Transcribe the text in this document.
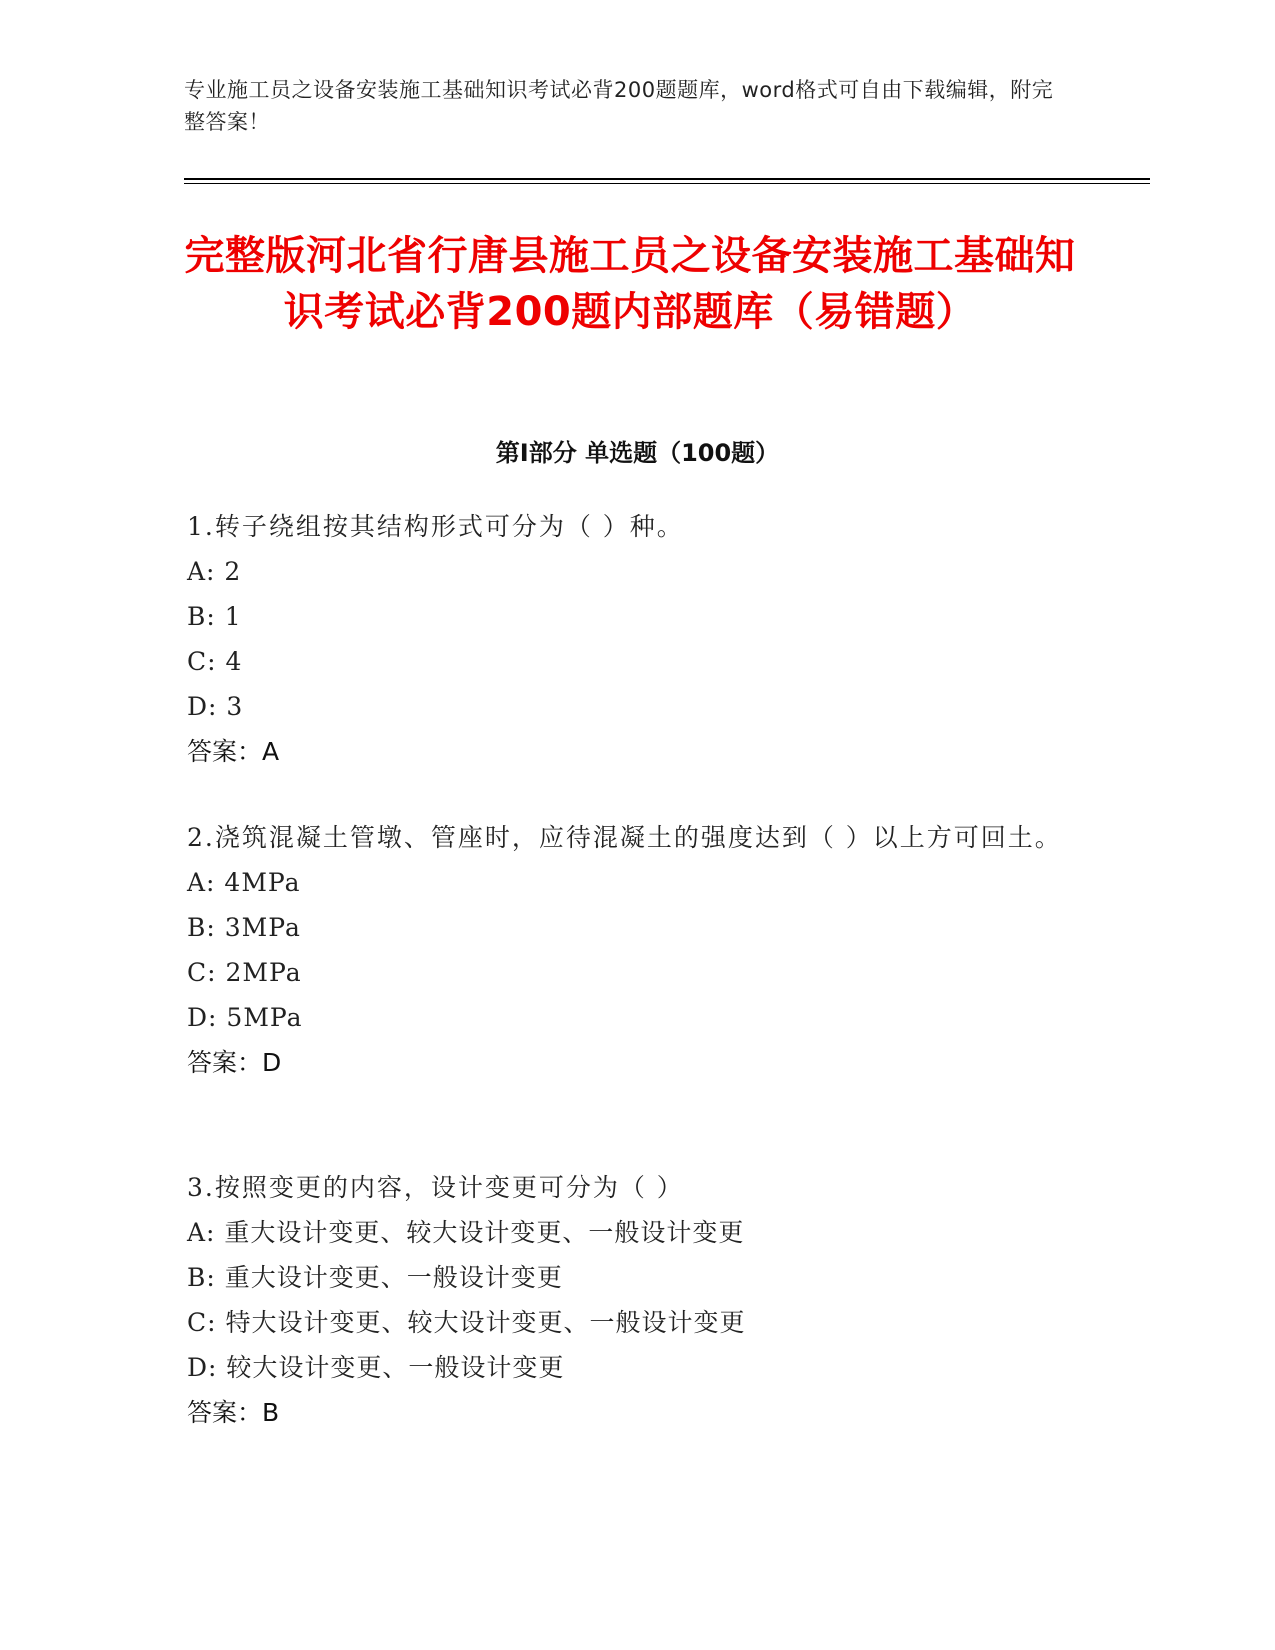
专业施工员之设备安装施工基础知识考试必背200题题库，word格式可自由下载编辑，附完整答案！
完整版河北省行唐县施工员之设备安装施工基础知识考试必背200题内部题库（易错题）
第Ⅰ部分 单选题（100题）
1.转子绕组按其结构形式可分为（ ）种。
A: 2
B: 1
C: 4
D: 3
答案：A
2.浇筑混凝土管墩、管座时，应待混凝土的强度达到（ ）以上方可回土。
A: 4MPa
B: 3MPa
C: 2MPa
D: 5MPa
答案：D
3.按照变更的内容，设计变更可分为（ ）
A: 重大设计变更、较大设计变更、一般设计变更
B: 重大设计变更、一般设计变更
C: 特大设计变更、较大设计变更、一般设计变更
D: 较大设计变更、一般设计变更
答案：B
